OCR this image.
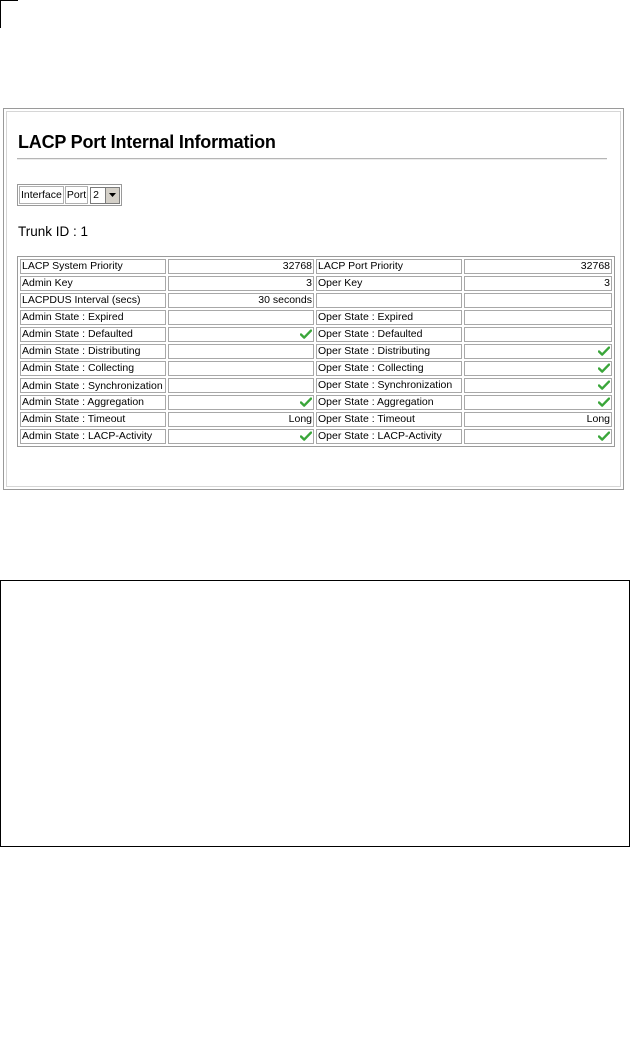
LACP Port Internal Information
Interface Port 2
Trunk ID : 1
LACP System Priority	32768	LACP Port Priority	32768
Admin Key	3	Oper Key	3
LACPDUS Interval (secs)	30 seconds		
Admin State : Expired		Oper State : Expired	
Admin State : Defaulted		Oper State : Defaulted	
Admin State : Distributing		Oper State : Distributing	
Admin State : Collecting		Oper State : Collecting	
Admin State : Synchronization		Oper State : Synchronization	
Admin State : Aggregation		Oper State : Aggregation	
Admin State : Timeout	Long	Oper State : Timeout	Long
Admin State : LACP-Activity		Oper State : LACP-Activity	
